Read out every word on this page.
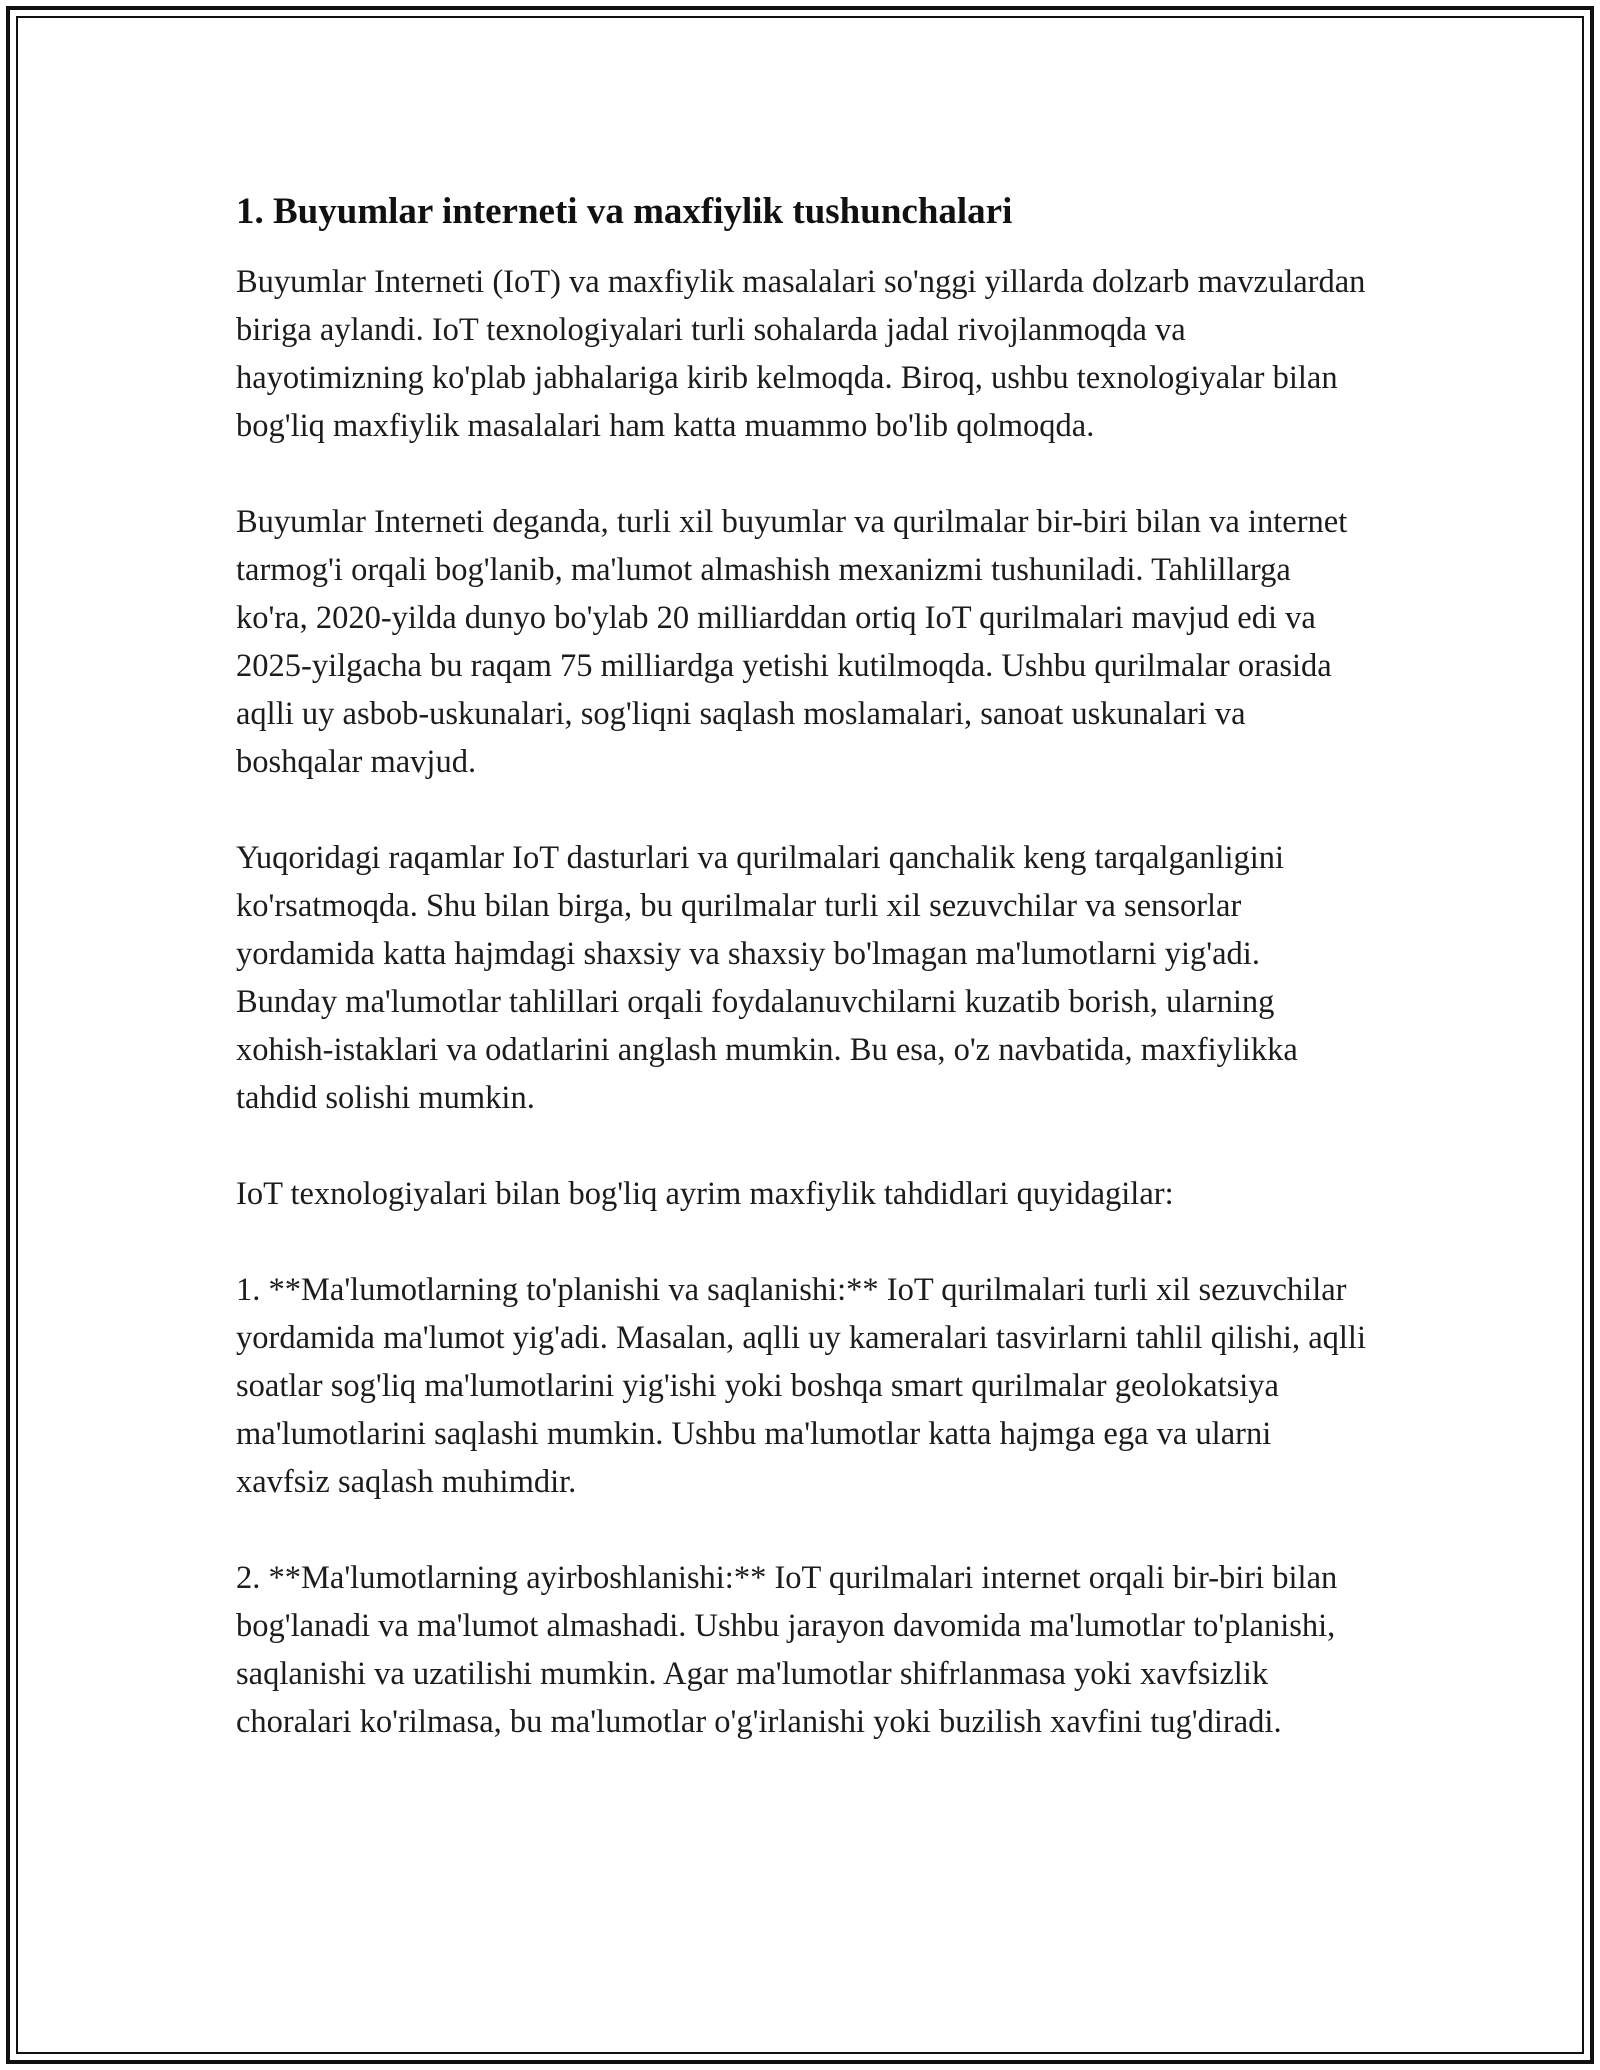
1. Buyumlar interneti va maxfiylik tushunchalari

Buyumlar Interneti (IoT) va maxfiylik masalalari so'nggi yillarda dolzarb mavzulardan biriga aylandi. IoT texnologiyalari turli sohalarda jadal rivojlanmoqda va hayotimizning ko'plab jabhalariga kirib kelmoqda. Biroq, ushbu texnologiyalar bilan bog'liq maxfiylik masalalari ham katta muammo bo'lib qolmoqda.

Buyumlar Interneti deganda, turli xil buyumlar va qurilmalar bir-biri bilan va internet tarmog'i orqali bog'lanib, ma'lumot almashish mexanizmi tushuniladi. Tahlillarga ko'ra, 2020-yilda dunyo bo'ylab 20 milliarddan ortiq IoT qurilmalari mavjud edi va 2025-yilgacha bu raqam 75 milliardga yetishi kutilmoqda. Ushbu qurilmalar orasida aqlli uy asbob-uskunalari, sog'liqni saqlash moslamalari, sanoat uskunalari va boshqalar mavjud.

Yuqoridagi raqamlar IoT dasturlari va qurilmalari qanchalik keng tarqalganligini ko'rsatmoqda. Shu bilan birga, bu qurilmalar turli xil sezuvchilar va sensorlar yordamida katta hajmdagi shaxsiy va shaxsiy bo'lmagan ma'lumotlarni yig'adi. Bunday ma'lumotlar tahlillari orqali foydalanuvchilarni kuzatib borish, ularning xohish-istaklari va odatlarini anglash mumkin. Bu esa, o'z navbatida, maxfiylikka tahdid solishi mumkin.

IoT texnologiyalari bilan bog'liq ayrim maxfiylik tahdidlari quyidagilar:

1. **Ma'lumotlarning to'planishi va saqlanishi:** IoT qurilmalari turli xil sezuvchilar yordamida ma'lumot yig'adi. Masalan, aqlli uy kameralari tasvirlarni tahlil qilishi, aqlli soatlar sog'liq ma'lumotlarini yig'ishi yoki boshqa smart qurilmalar geolokatsiya ma'lumotlarini saqlashi mumkin. Ushbu ma'lumotlar katta hajmga ega va ularni xavfsiz saqlash muhimdir.

2. **Ma'lumotlarning ayirboshlanishi:** IoT qurilmalari internet orqali bir-biri bilan bog'lanadi va ma'lumot almashadi. Ushbu jarayon davomida ma'lumotlar to'planishi, saqlanishi va uzatilishi mumkin. Agar ma'lumotlar shifrlanmasa yoki xavfsizlik choralari ko'rilmasa, bu ma'lumotlar o'g'irlanishi yoki buzilish xavfini tug'diradi.
